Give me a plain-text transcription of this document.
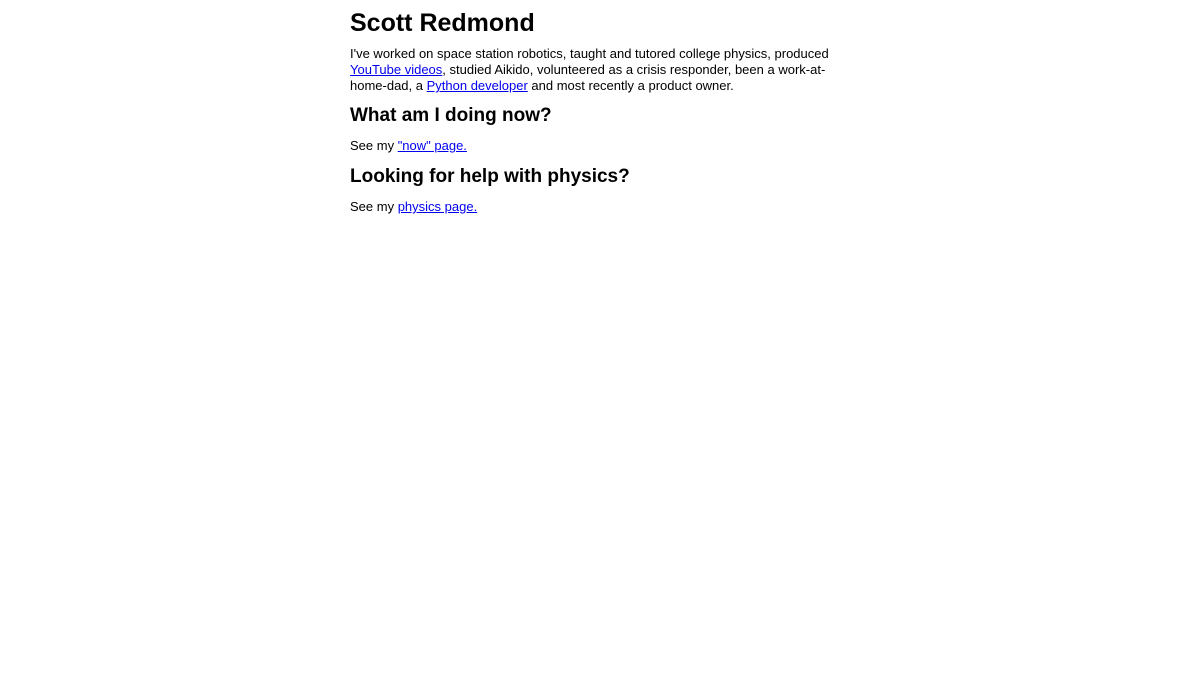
Scott Redmond

I've worked on space station robotics, taught and tutored college physics, produced YouTube videos, studied Aikido, volunteered as a crisis responder, been a work-at-home-dad, a Python developer and most recently a product owner.

What am I doing now?

See my "now" page.

Looking for help with physics?

See my physics page.
